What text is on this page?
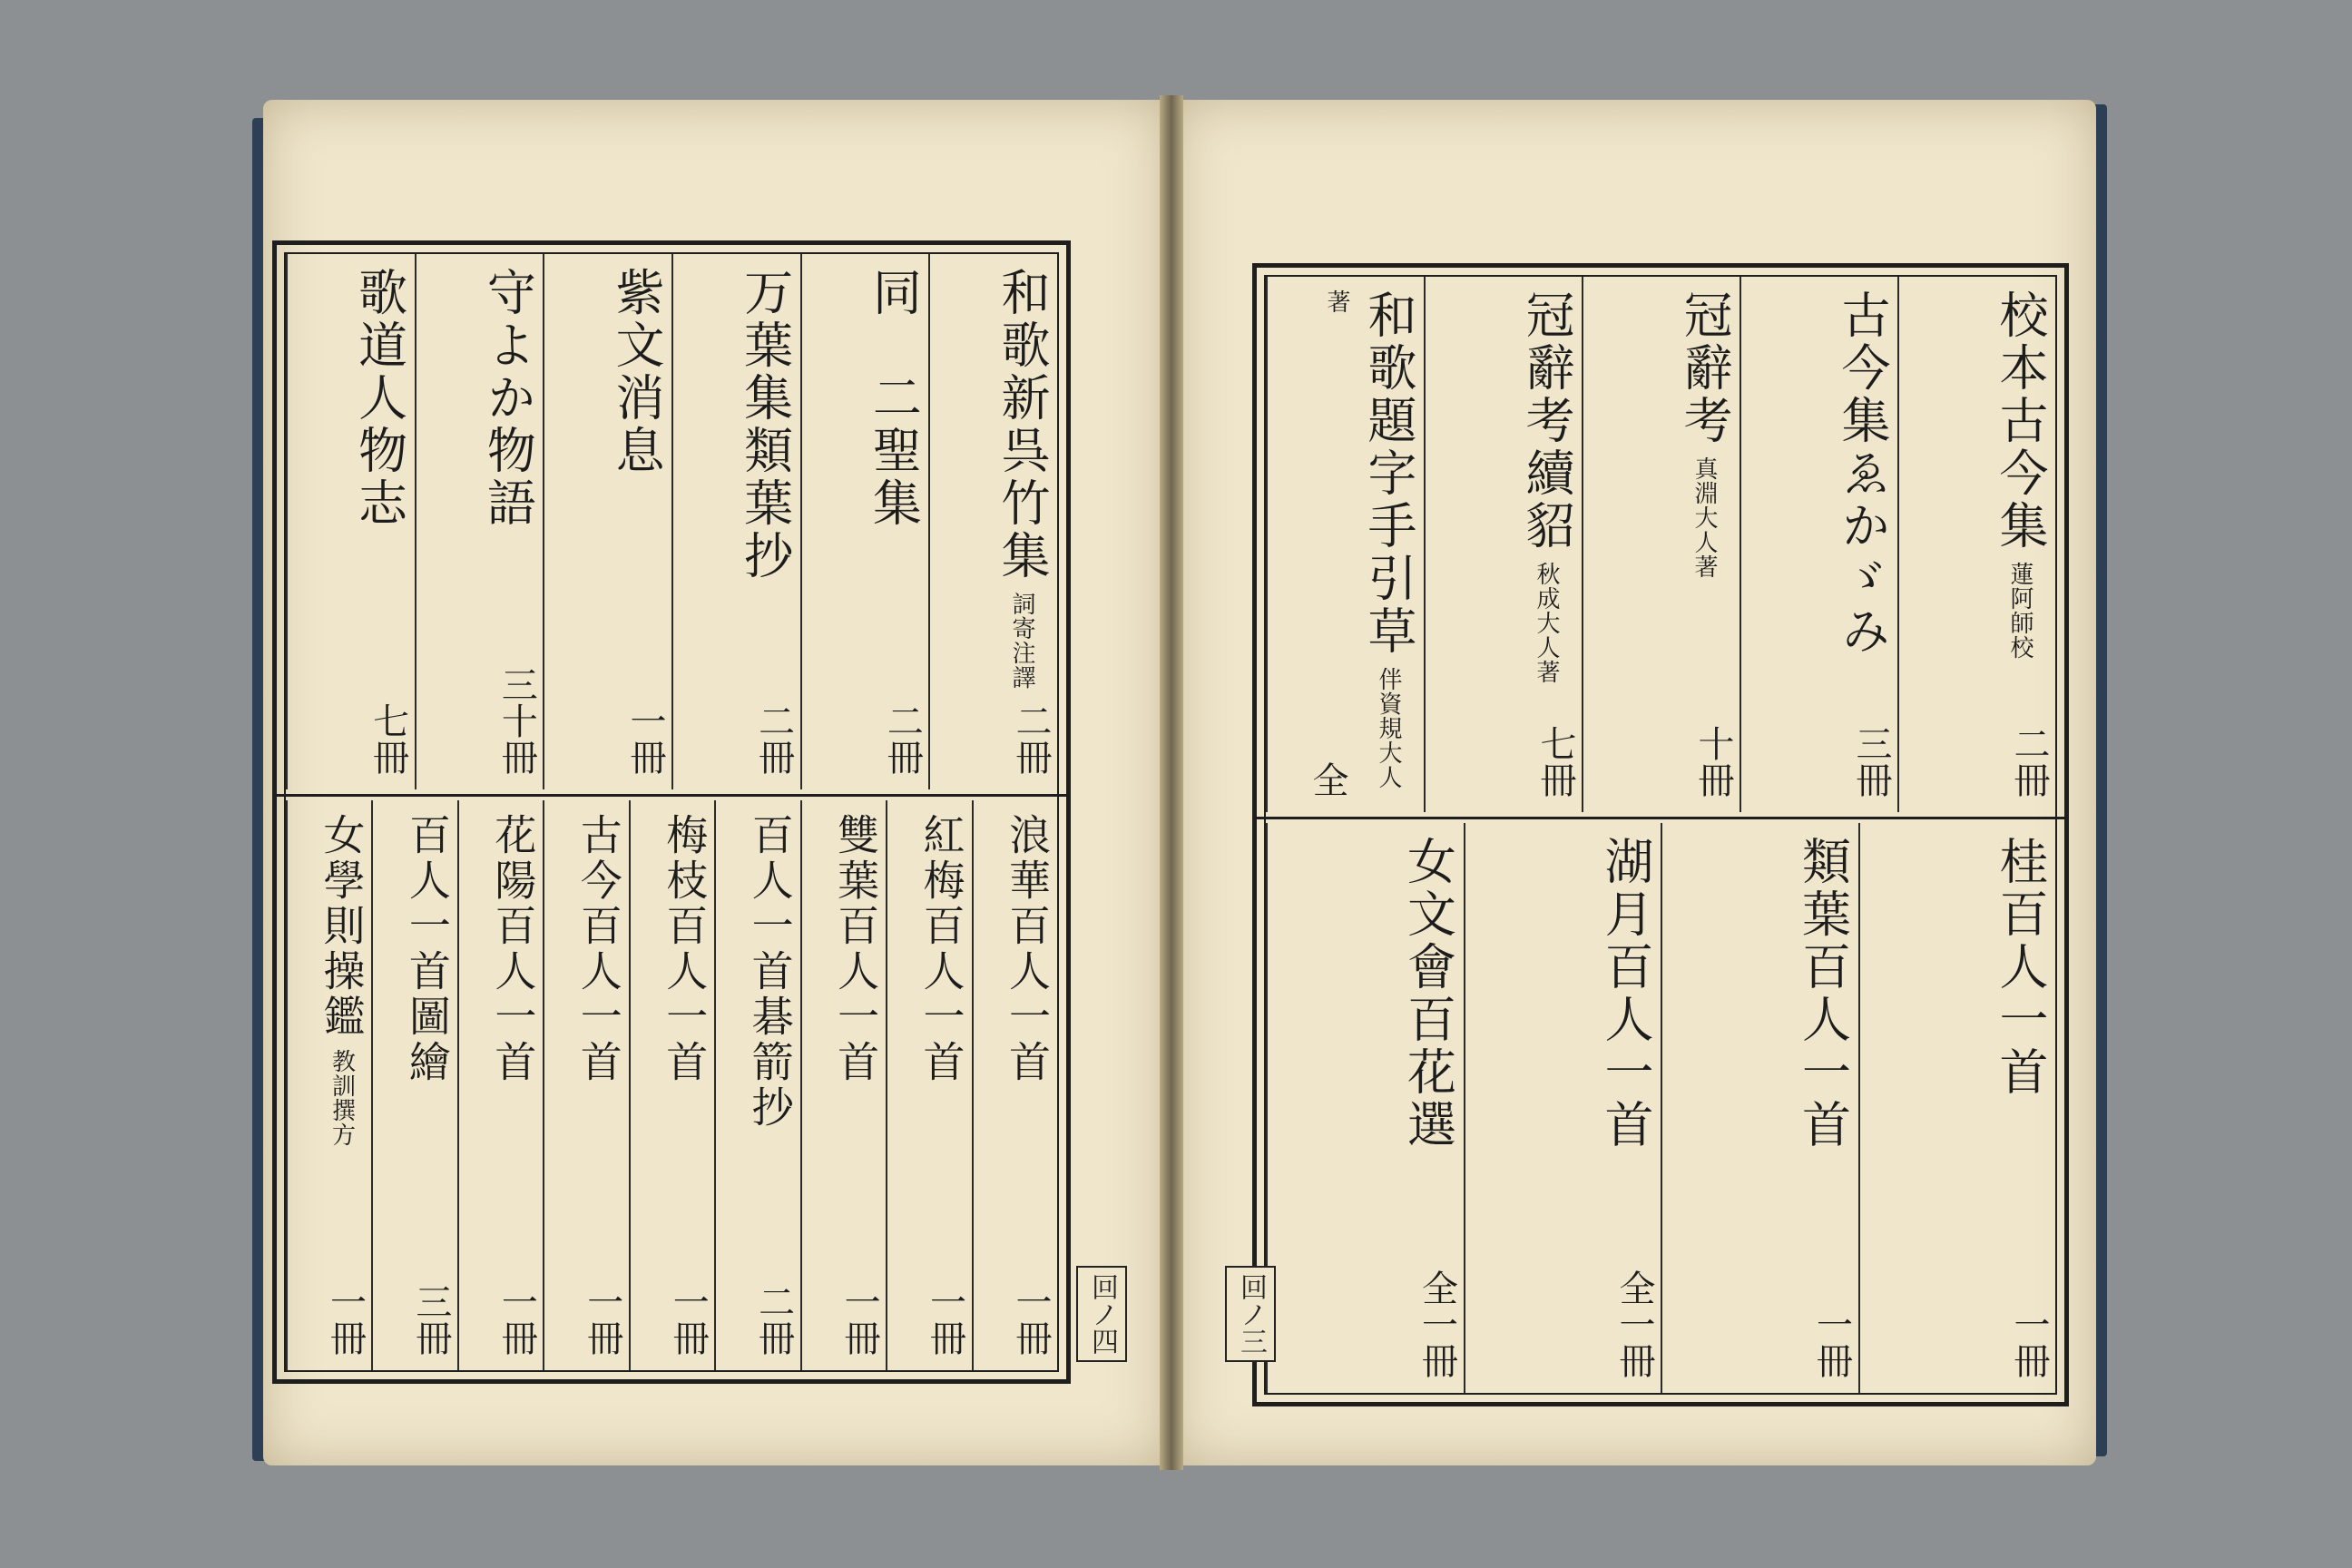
和歌新呉竹集詞寄注譯
二冊
同　二聖集
二冊
万葉集類葉抄
二冊
紫文消息
一冊
守よか物語
三十冊
歌道人物志
七冊
浪華百人一首
一冊
紅梅百人一首
一冊
雙葉百人一首
一冊
百人一首碁箭抄
二冊
梅枝百人一首
一冊
古今百人一首
一冊
花陽百人一首
一冊
百人一首圖繪
三冊
女學則操鑑教訓撰方
一冊	回ノ四
校本古今集蓮阿師校
二冊
古今集ゑかゞみ
三冊
冠辭考真淵大人著
十冊
冠辭考續貂秋成大人著
七冊
和歌題字手引草伴資規大人著
全
桂百人一首
一冊
類葉百人一首
一冊
湖月百人一首
全一冊
女文會百花選
全一冊
回ノ三
